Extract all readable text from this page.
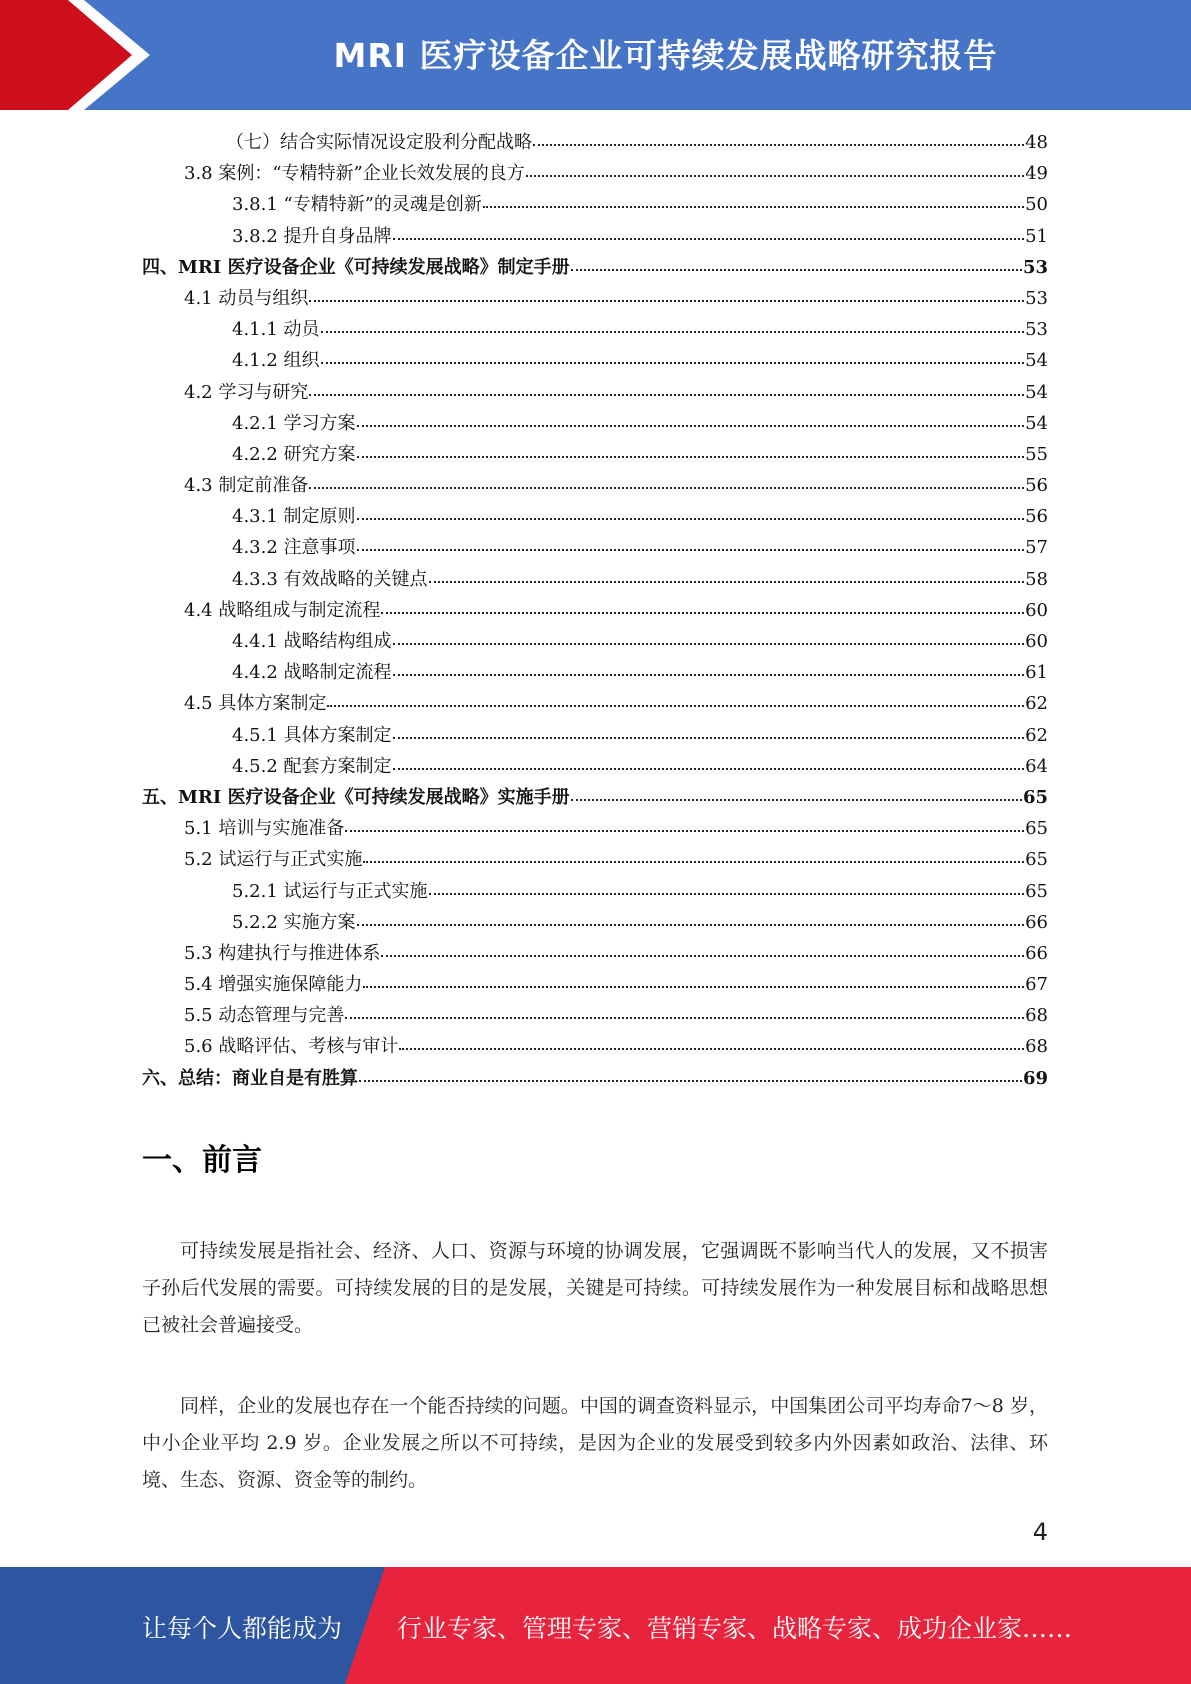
MRI 医疗设备企业可持续发展战略研究报告
（七）结合实际情况设定股利分配战略	48
3.8 案例：“专精特新”企业长效发展的良方	49
3.8.1 “专精特新”的灵魂是创新	50
3.8.2 提升自身品牌	51
四、MRI 医疗设备企业《可持续发展战略》制定手册	53
4.1 动员与组织	53
4.1.1 动员	53
4.1.2 组织	54
4.2 学习与研究	54
4.2.1 学习方案	54
4.2.2 研究方案	55
4.3 制定前准备	56
4.3.1 制定原则	56
4.3.2 注意事项	57
4.3.3 有效战略的关键点	58
4.4 战略组成与制定流程	60
4.4.1 战略结构组成	60
4.4.2 战略制定流程	61
4.5 具体方案制定	62
4.5.1 具体方案制定	62
4.5.2 配套方案制定	64
五、MRI 医疗设备企业《可持续发展战略》实施手册	65
5.1 培训与实施准备	65
5.2 试运行与正式实施	65
5.2.1 试运行与正式实施	65
5.2.2 实施方案	66
5.3 构建执行与推进体系	66
5.4 增强实施保障能力	67
5.5 动态管理与完善	68
5.6 战略评估、考核与审计	68
六、总结：商业自是有胜算	69
一、前言

可持续发展是指社会、经济、人口、资源与环境的协调发展，它强调既不影响当代人的发展，又不损害子孙后代发展的需要。可持续发展的目的是发展，关键是可持续。可持续发展作为一种发展目标和战略思想已被社会普遍接受。

同样，企业的发展也存在一个能否持续的问题。中国的调查资料显示，中国集团公司平均寿命7～8 岁，中小企业平均 2.9 岁。企业发展之所以不可持续，是因为企业的发展受到较多内外因素如政治、法律、环境、生态、资源、资金等的制约。

4
让每个人都能成为 行业专家、管理专家、营销专家、战略专家、成功企业家……
